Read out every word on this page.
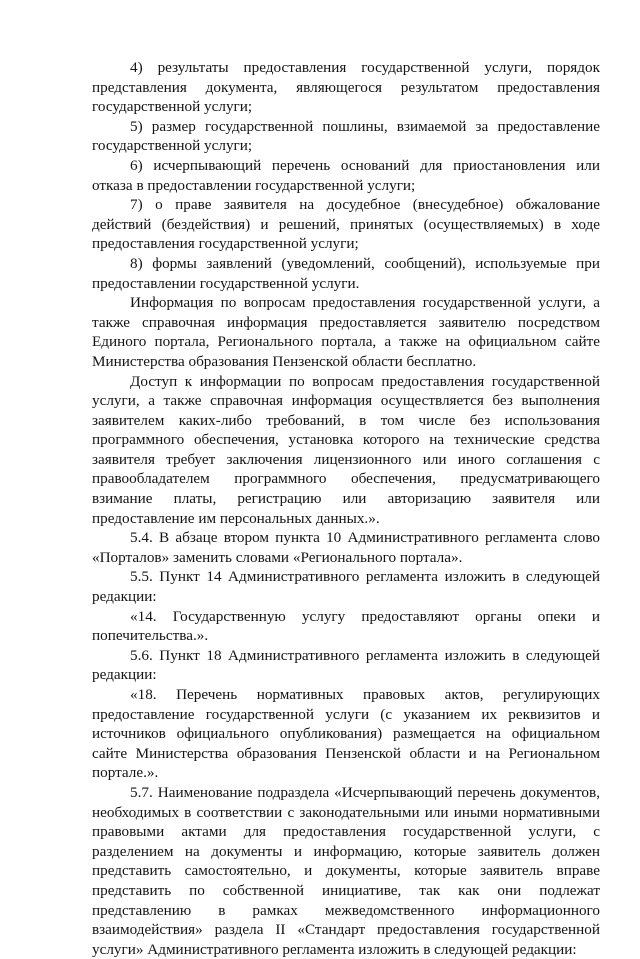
4) результаты предоставления государственной услуги, порядок представления документа, являющегося результатом предоставления государственной услуги;

5) размер государственной пошлины, взимаемой за предоставление государственной услуги;

6) исчерпывающий перечень оснований для приостановления или отказа в предоставлении государственной услуги;

7) о праве заявителя на досудебное (внесудебное) обжалование действий (бездействия) и решений, принятых (осуществляемых) в ходе предоставления государственной услуги;

8) формы заявлений (уведомлений, сообщений), используемые при предоставлении государственной услуги.

Информация по вопросам предоставления государственной услуги, а также справочная информация предоставляется заявителю посредством Единого портала, Регионального портала, а также на официальном сайте Министерства образования Пензенской области бесплатно.

Доступ к информации по вопросам предоставления государственной услуги, а также справочная информация осуществляется без выполнения заявителем каких-либо требований, в том числе без использования программного обеспечения, установка которого на технические средства заявителя требует заключения лицензионного или иного соглашения с правообладателем программного обеспечения, предусматривающего взимание платы, регистрацию или авторизацию заявителя или предоставление им персональных данных.».

5.4. В абзаце втором пункта 10 Административного регламента слово «Порталов» заменить словами «Регионального портала».

5.5. Пункт 14 Административного регламента изложить в следующей редакции:

«14. Государственную услугу предоставляют органы опеки и попечительства.».

5.6. Пункт 18 Административного регламента изложить в следующей редакции:

«18. Перечень нормативных правовых актов, регулирующих предоставление государственной услуги (с указанием их реквизитов и источников официального опубликования) размещается на официальном сайте Министерства образования Пензенской области и на Региональном портале.».

5.7. Наименование подраздела «Исчерпывающий перечень документов, необходимых в соответствии с законодательными или иными нормативными правовыми актами для предоставления государственной услуги, с разделением на документы и информацию, которые заявитель должен представить самостоятельно, и документы, которые заявитель вправе представить по собственной инициативе, так как они подлежат представлению в рамках межведомственного информационного взаимодействия» раздела II «Стандарт предоставления государственной услуги» Административного регламента изложить в следующей редакции:
